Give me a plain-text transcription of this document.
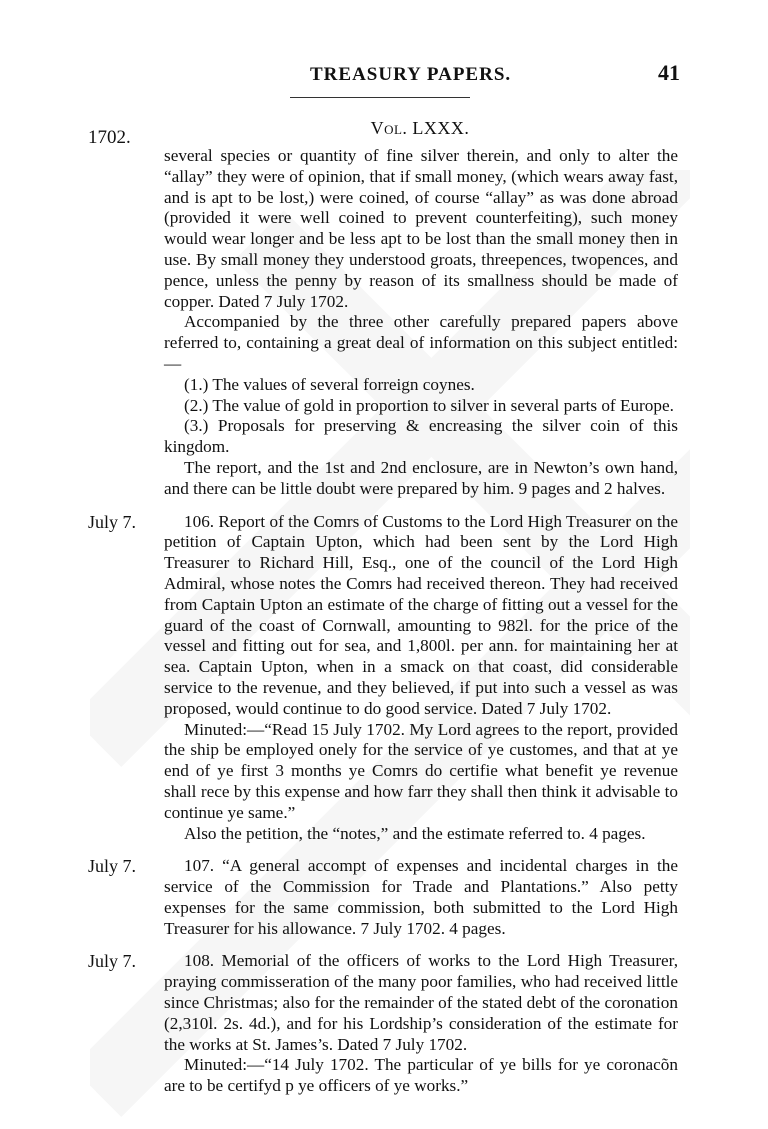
TREASURY PAPERS.	41
Vol. LXXX.
1702.

several species or quantity of fine silver therein, and only to alter the “allay” they were of opinion, that if small money, (which wears away fast, and is apt to be lost,) were coined, of course “allay” as was done abroad (provided it were well coined to prevent counterfeiting), such money would wear longer and be less apt to be lost than the small money then in use. By small money they understood groats, threepences, twopences, and pence, unless the penny by reason of its smallness should be made of copper. Dated 7 July 1702.

Accompanied by the three other carefully prepared papers above referred to, containing a great deal of information on this subject entitled:—

(1.) The values of several forreign coynes.

(2.) The value of gold in proportion to silver in several parts of Europe.

(3.) Proposals for preserving & encreasing the silver coin of this kingdom.

The report, and the 1st and 2nd enclosure, are in Newton’s own hand, and there can be little doubt were prepared by him. 9 pages and 2 halves.

July 7.	106. Report of the Comrs of Customs to the Lord High Treasurer on the petition of Captain Upton, which had been sent by the Lord High Treasurer to Richard Hill, Esq., one of the council of the Lord High Admiral, whose notes the Comrs had received thereon. They had received from Captain Upton an estimate of the charge of fitting out a vessel for the guard of the coast of Cornwall, amounting to 982l. for the price of the vessel and fitting out for sea, and 1,800l. per ann. for maintaining her at sea. Captain Upton, when in a smack on that coast, did considerable service to the revenue, and they believed, if put into such a vessel as was proposed, would continue to do good service. Dated 7 July 1702.

Minuted:—“Read 15 July 1702. My Lord agrees to the report, provided the ship be employed onely for the service of ye customes, and that at ye end of ye first 3 months ye Comrs do certifie what benefit ye revenue shall rece by this expense and how farr they shall then think it advisable to continue ye same.”

Also the petition, the “notes,” and the estimate referred to. 4 pages.

July 7.	107. “A general accompt of expenses and incidental charges in the service of the Commission for Trade and Plantations.” Also petty expenses for the same commission, both submitted to the Lord High Treasurer for his allowance. 7 July 1702. 4 pages.

July 7.	108. Memorial of the officers of works to the Lord High Treasurer, praying commisseration of the many poor families, who had received little since Christmas; also for the remainder of the stated debt of the coronation (2,310l. 2s. 4d.), and for his Lordship’s consideration of the estimate for the works at St. James’s. Dated 7 July 1702.

Minuted:—“14 July 1702. The particular of ye bills for ye coronacõn are to be certifyd p ye officers of ye works.”
